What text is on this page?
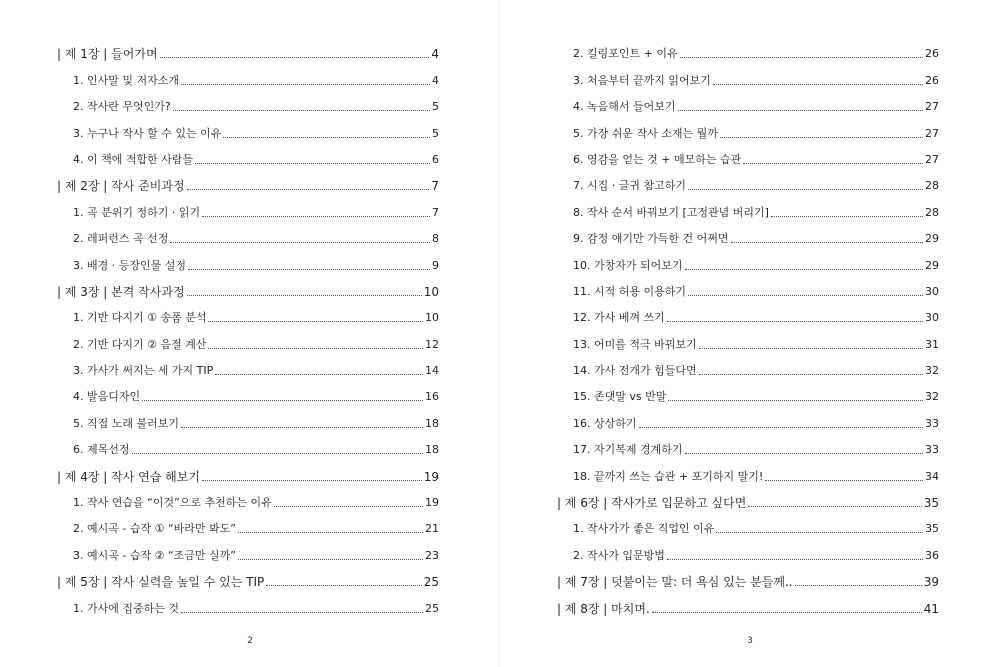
| 제 1장 | 들어가며	4
1. 인사말 및 저자소개	4
2. 작사란 무엇인가?	5
3. 누구나 작사 할 수 있는 이유	5
4. 이 책에 적합한 사람들	6
| 제 2장 | 작사 준비과정	7
1. 곡 분위기 정하기 · 읽기	7
2. 레퍼런스 곡 선정	8
3. 배경 · 등장인물 설정	9
| 제 3장 | 본격 작사과정	10
1. 기반 다지기 ① 송폼 분석	10
2. 기반 다지기 ② 음절 계산	12
3. 가사가 써지는 세 가지 TIP	14
4. 발음디자인	16
5. 직접 노래 불러보기	18
6. 제목선정	18
| 제 4장 | 작사 연습 해보기	19
1. 작사 연습을 “이것”으로 추천하는 이유	19
2. 예시곡 - 습작 ① “바라만 봐도”	21
3. 예시곡 - 습작 ② “조금만 실까”	23
| 제 5장 | 작사 실력을 높일 수 있는 TIP	25
1. 가사에 집중하는 것	25
2
2. 킬링포인트 + 이유	26
3. 처음부터 끝까지 읽어보기	26
4. 녹음해서 들어보기	27
5. 가장 쉬운 작사 소재는 뭘까	27
6. 영감을 얻는 것 + 메모하는 습관	27
7. 시집 · 글귀 참고하기	28
8. 작사 순서 바꿔보기 [고정관념 버리기]	28
9. 감정 얘기만 가득한 건 어쩌면	29
10. 가창자가 되어보기	29
11. 시적 허용 이용하기	30
12. 가사 베껴 쓰기	30
13. 어미를 적극 바꿔보기	31
14. 가사 전개가 힘들다면	32
15. 존댓말 vs 반말	32
16. 상상하기	33
17. 자기복제 경계하기	33
18. 끝까지 쓰는 습관 + 포기하지 말기!	34
| 제 6장 | 작사가로 입문하고 싶다면	35
1. 작사가가 좋은 직업인 이유	35
2. 작사가 입문방법	36
| 제 7장 | 덧붙이는 말: 더 욕심 있는 분들께..	39
| 제 8장 | 마치며.	41
3
